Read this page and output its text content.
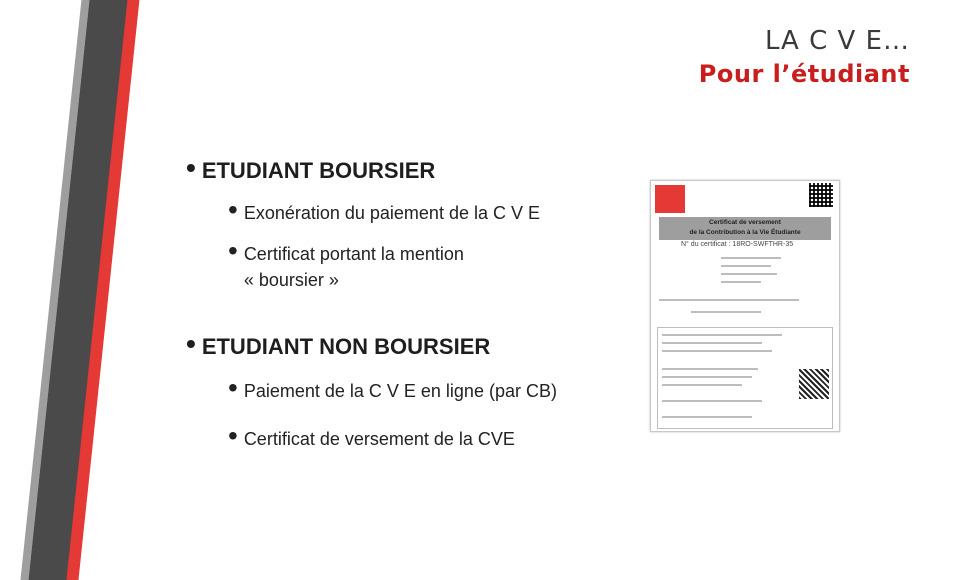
LA C V E…
Pour l’étudiant
• ETUDIANT BOURSIER
• Exonération du paiement de la C V E
• Certificat portant la mention
« boursier »
• ETUDIANT NON BOURSIER
• Paiement de la C V E en ligne (par CB)
• Certificat de versement de la CVE
Certificat de versement
de la Contribution à la Vie Étudiante
N° du certificat : 18RO-SWFTHR-35
